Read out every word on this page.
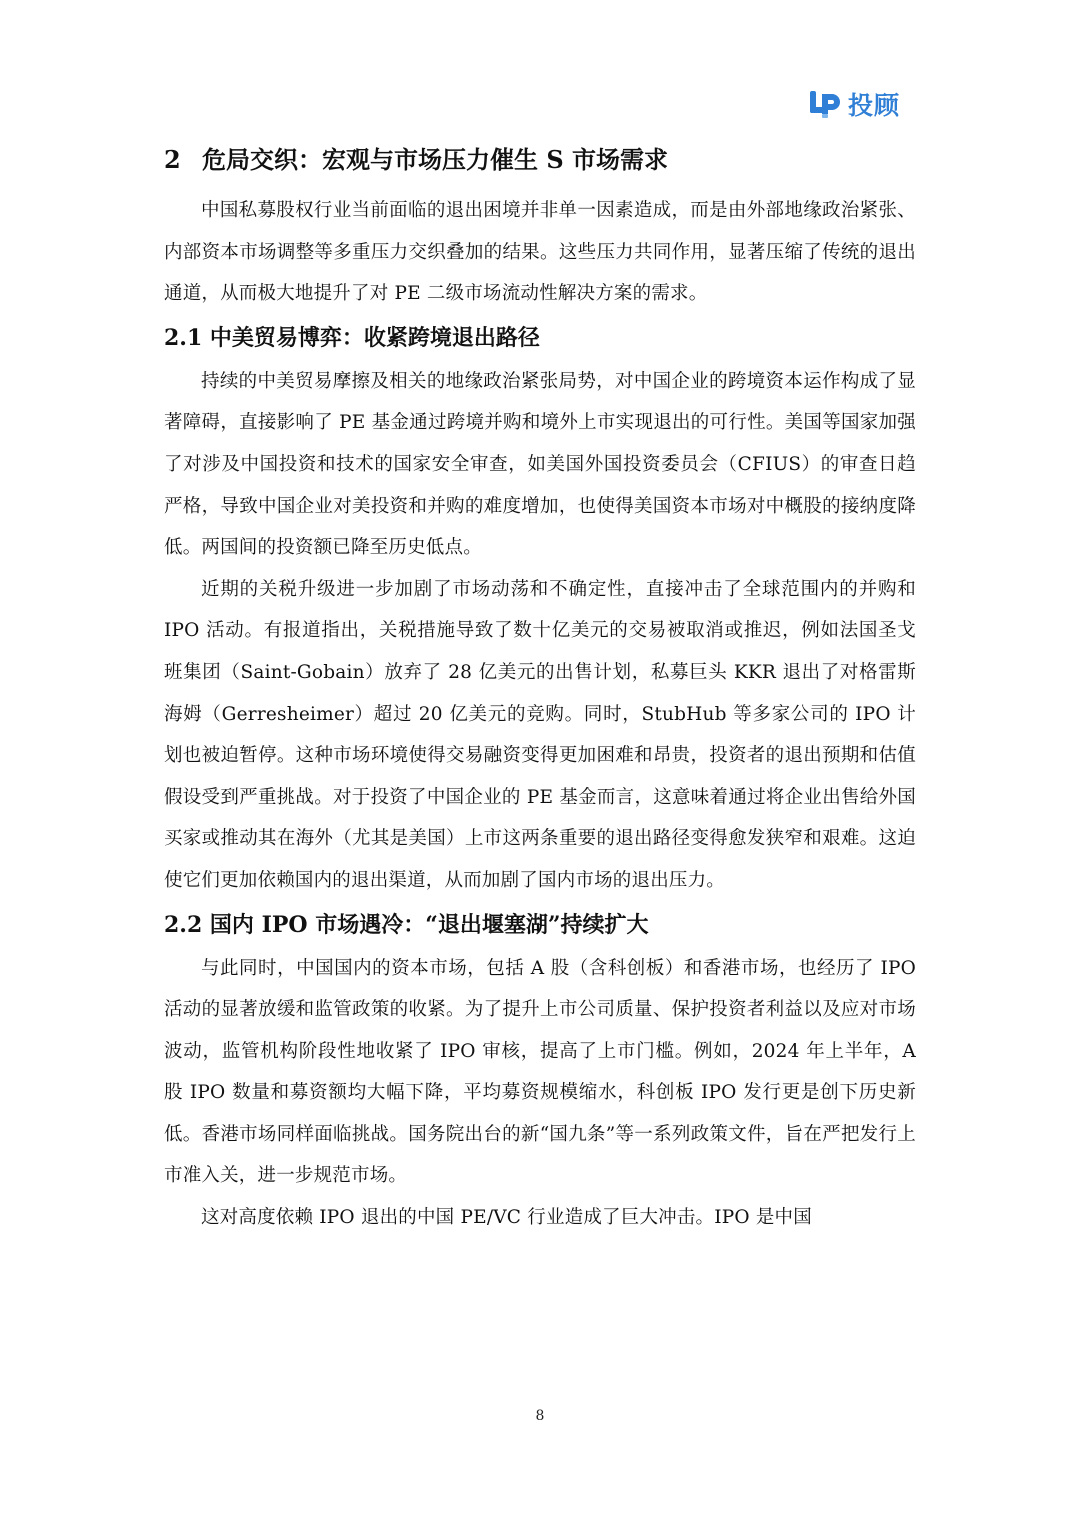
投顾
2 危局交织：宏观与市场压力催生 S 市场需求

中国私募股权行业当前面临的退出困境并非单一因素造成，而是由外部地缘政治紧张、内部资本市场调整等多重压力交织叠加的结果。这些压力共同作用，显著压缩了传统的退出通道，从而极大地提升了对 PE 二级市场流动性解决方案的需求。

2.1 中美贸易博弈：收紧跨境退出路径

持续的中美贸易摩擦及相关的地缘政治紧张局势，对中国企业的跨境资本运作构成了显著障碍，直接影响了 PE 基金通过跨境并购和境外上市实现退出的可行性。美国等国家加强了对涉及中国投资和技术的国家安全审查，如美国外国投资委员会（CFIUS）的审查日趋严格，导致中国企业对美投资和并购的难度增加，也使得美国资本市场对中概股的接纳度降低。两国间的投资额已降至历史低点。

近期的关税升级进一步加剧了市场动荡和不确定性，直接冲击了全球范围内的并购和 IPO 活动。有报道指出，关税措施导致了数十亿美元的交易被取消或推迟，例如法国圣戈班集团（Saint-Gobain）放弃了 28 亿美元的出售计划，私募巨头 KKR 退出了对格雷斯海姆（Gerresheimer）超过 20 亿美元的竞购。同时，StubHub 等多家公司的 IPO 计划也被迫暂停。这种市场环境使得交易融资变得更加困难和昂贵，投资者的退出预期和估值假设受到严重挑战。对于投资了中国企业的 PE 基金而言，这意味着通过将企业出售给外国买家或推动其在海外（尤其是美国）上市这两条重要的退出路径变得愈发狭窄和艰难。这迫使它们更加依赖国内的退出渠道，从而加剧了国内市场的退出压力。

2.2 国内 IPO 市场遇冷：“退出堰塞湖”持续扩大

与此同时，中国国内的资本市场，包括 A 股（含科创板）和香港市场，也经历了 IPO 活动的显著放缓和监管政策的收紧。为了提升上市公司质量、保护投资者利益以及应对市场波动，监管机构阶段性地收紧了 IPO 审核，提高了上市门槛。例如，2024 年上半年，A 股 IPO 数量和募资额均大幅下降，平均募资规模缩水，科创板 IPO 发行更是创下历史新低。香港市场同样面临挑战。国务院出台的新“国九条”等一系列政策文件，旨在严把发行上市准入关，进一步规范市场。

这对高度依赖 IPO 退出的中国 PE/VC 行业造成了巨大冲击。IPO 是中国

8
